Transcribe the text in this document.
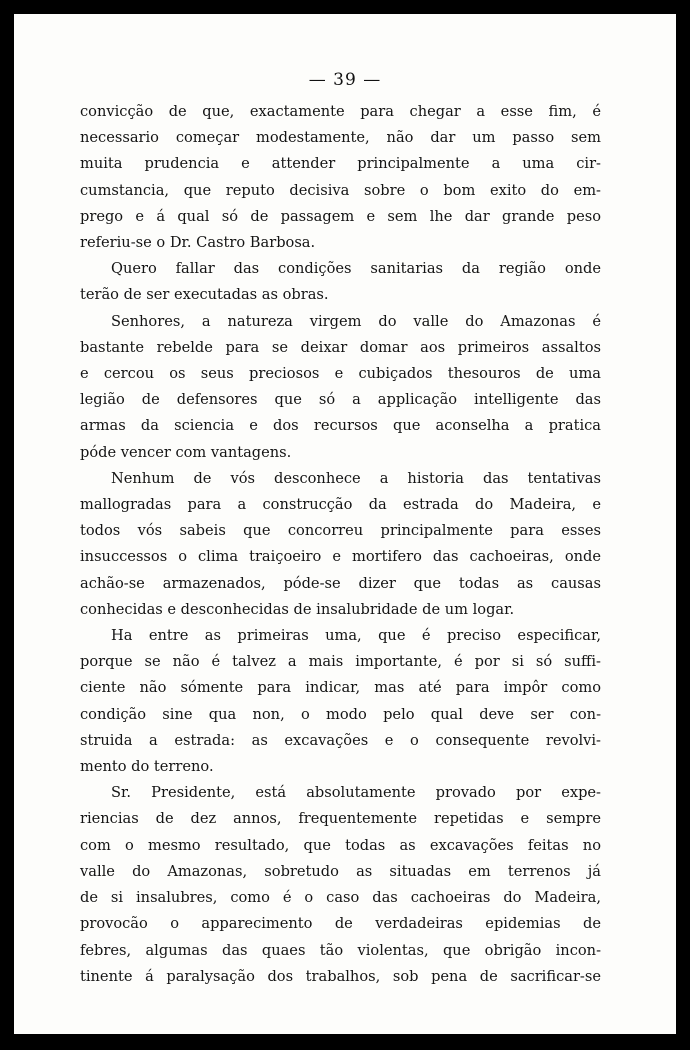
— 39 —

convicção de que, exactamente para chegar a esse fim, é
necessario começar modestamente, não dar um passo sem
muita prudencia e attender principalmente a uma cir-
cumstancia, que reputo decisiva sobre o bom exito do em-
prego e á qual só de passagem e sem lhe dar grande peso
referiu-se o Dr. Castro Barbosa.

Quero fallar das condições sanitarias da região onde
terão de ser executadas as obras.

Senhores, a natureza virgem do valle do Amazonas é
bastante rebelde para se deixar domar aos primeiros assaltos
e cercou os seus preciosos e cubiçados thesouros de uma
legião de defensores que só a applicação intelligente das
armas da sciencia e dos recursos que aconselha a pratica
póde vencer com vantagens.

Nenhum de vós desconhece a historia das tentativas
mallogradas para a construcção da estrada do Madeira, e
todos vós sabeis que concorreu principalmente para esses
insuccessos o clima traiçoeiro e mortifero das cachoeiras, onde
achão-se armazenados, póde-se dizer que todas as causas
conhecidas e desconhecidas de insalubridade de um logar.

Ha entre as primeiras uma, que é preciso especificar,
porque se não é talvez a mais importante, é por si só suffi-
ciente não sómente para indicar, mas até para impôr como
condição sine qua non, o modo pelo qual deve ser con-
struida a estrada: as excavações e o consequente revolvi-
mento do terreno.

Sr. Presidente, está absolutamente provado por expe-
riencias de dez annos, frequentemente repetidas e sempre
com o mesmo resultado, que todas as excavações feitas no
valle do Amazonas, sobretudo as situadas em terrenos já
de si insalubres, como é o caso das cachoeiras do Madeira,
provocão o apparecimento de verdadeiras epidemias de
febres, algumas das quaes tão violentas, que obrigão incon-
tinente á paralysação dos trabalhos, sob pena de sacrificar-se
